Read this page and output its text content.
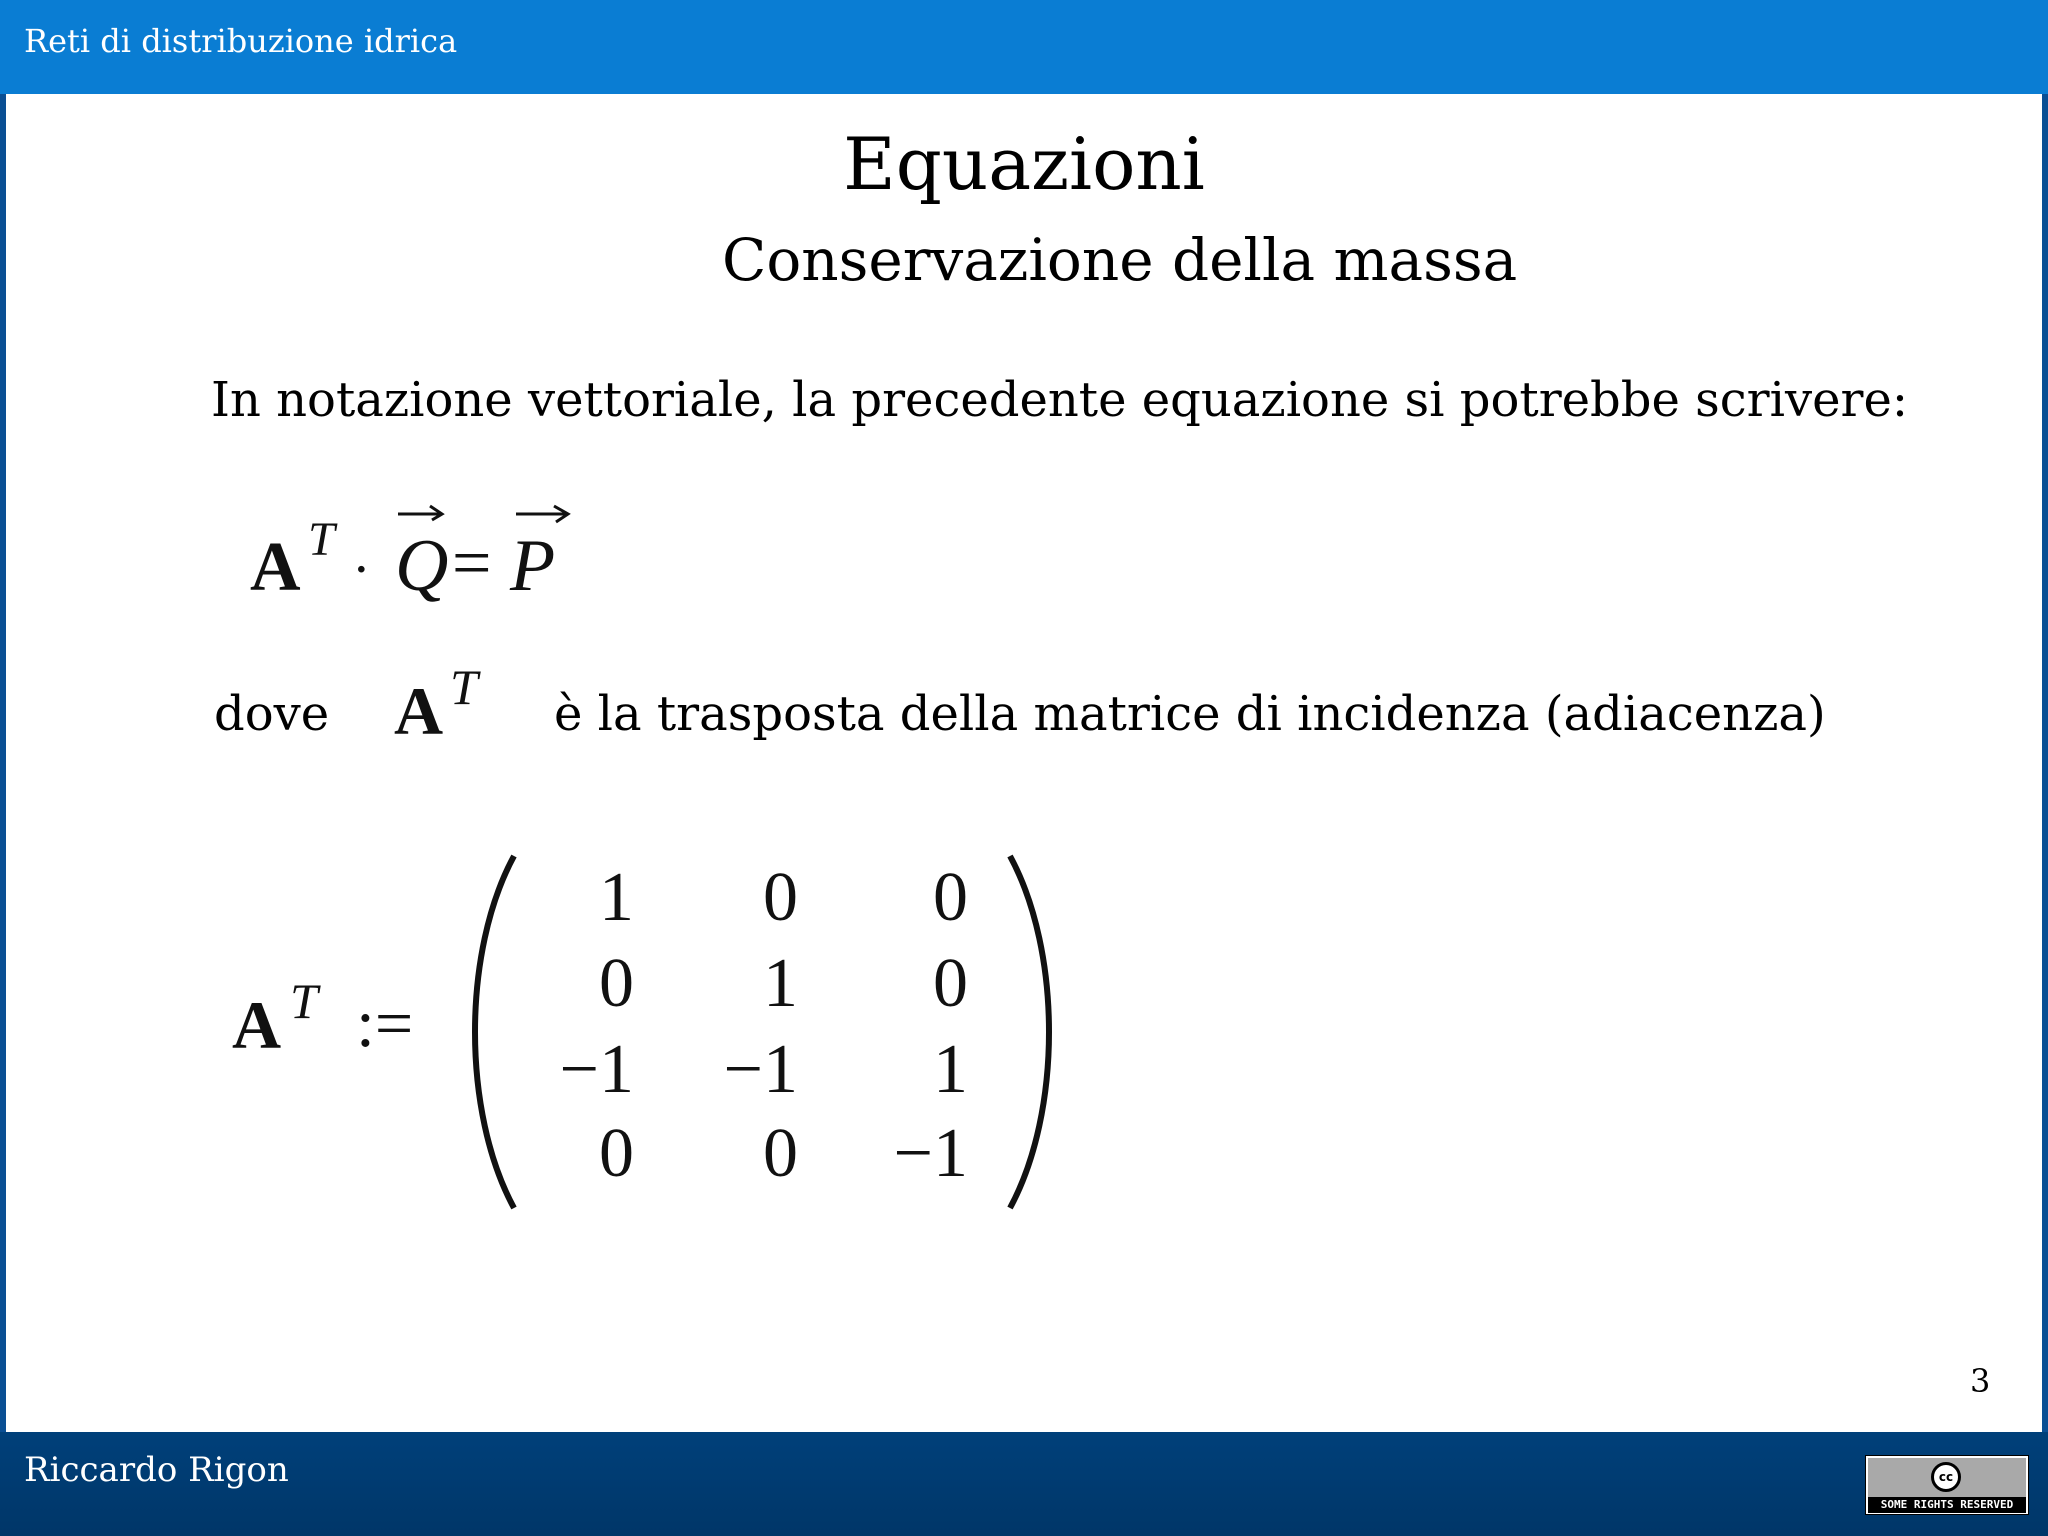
Reti di distribuzione idrica
Equazioni
Conservazione della massa
In notazione vettoriale, la precedente equazione si potrebbe scrivere:
A T · Q = P
dove A T è la trasposta della matrice di incidenza (adiacenza)
A T :=
1	0	0
0	1	0
−1	−1	1
0	0	−1
3
Riccardo Rigon	cc
SOME RIGHTS RESERVED
